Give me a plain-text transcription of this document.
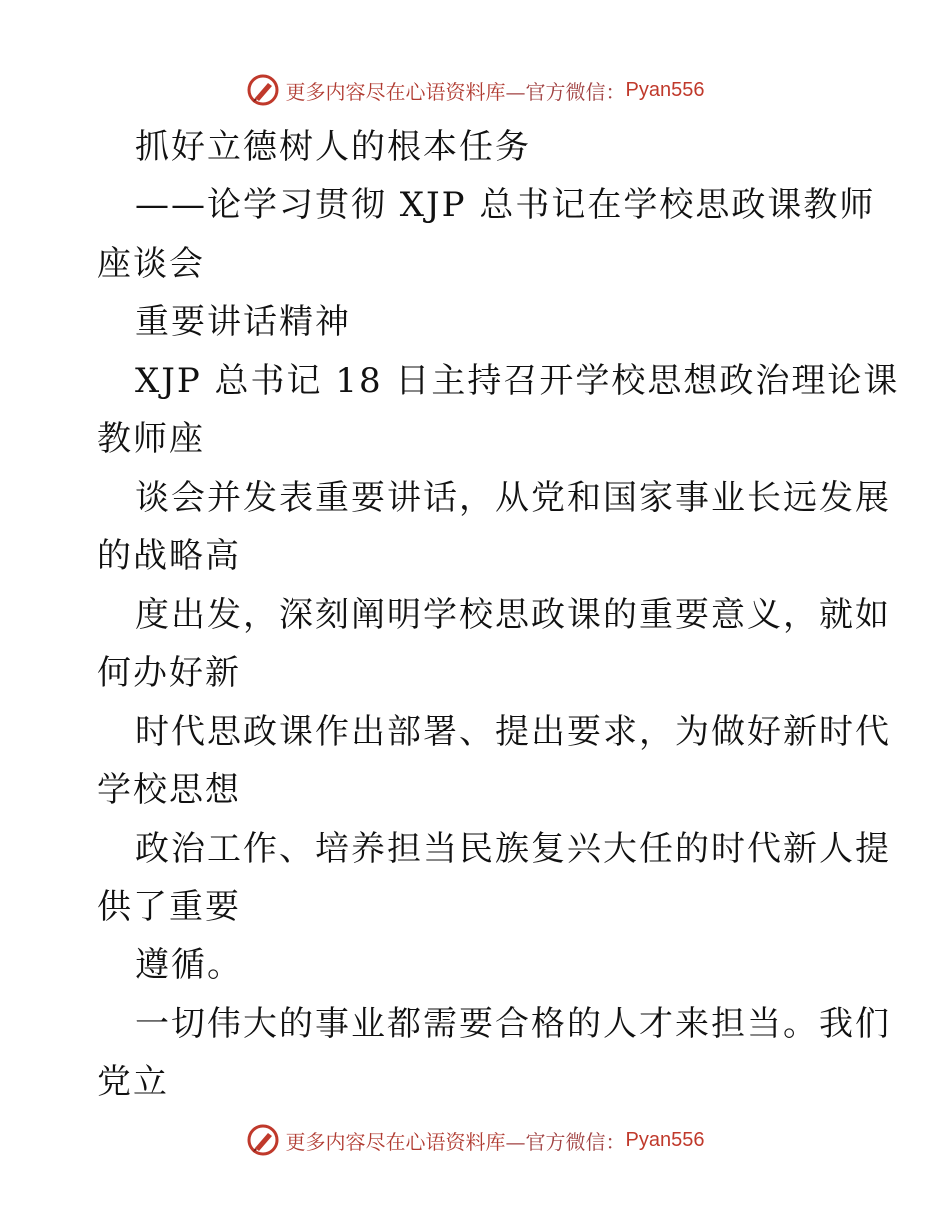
更多内容尽在心语资料库 —官方微信： Pyan556
抓好立德树人的根本任务
——论学习贯彻 XJP 总书记在学校思政课教师
座谈会
重要讲话精神
XJP 总书记 18 日主持召开学校思想政治理论课
教师座
谈会并发表重要讲话，从党和国家事业长远发展
的战略高
度出发，深刻阐明学校思政课的重要意义，就如
何办好新
时代思政课作出部署、提出要求，为做好新时代
学校思想
政治工作、培养担当民族复兴大任的时代新人提
供了重要
遵循。
一切伟大的事业都需要合格的人才来担当。我们
党立
更多内容尽在心语资料库 —官方微信： Pyan556
